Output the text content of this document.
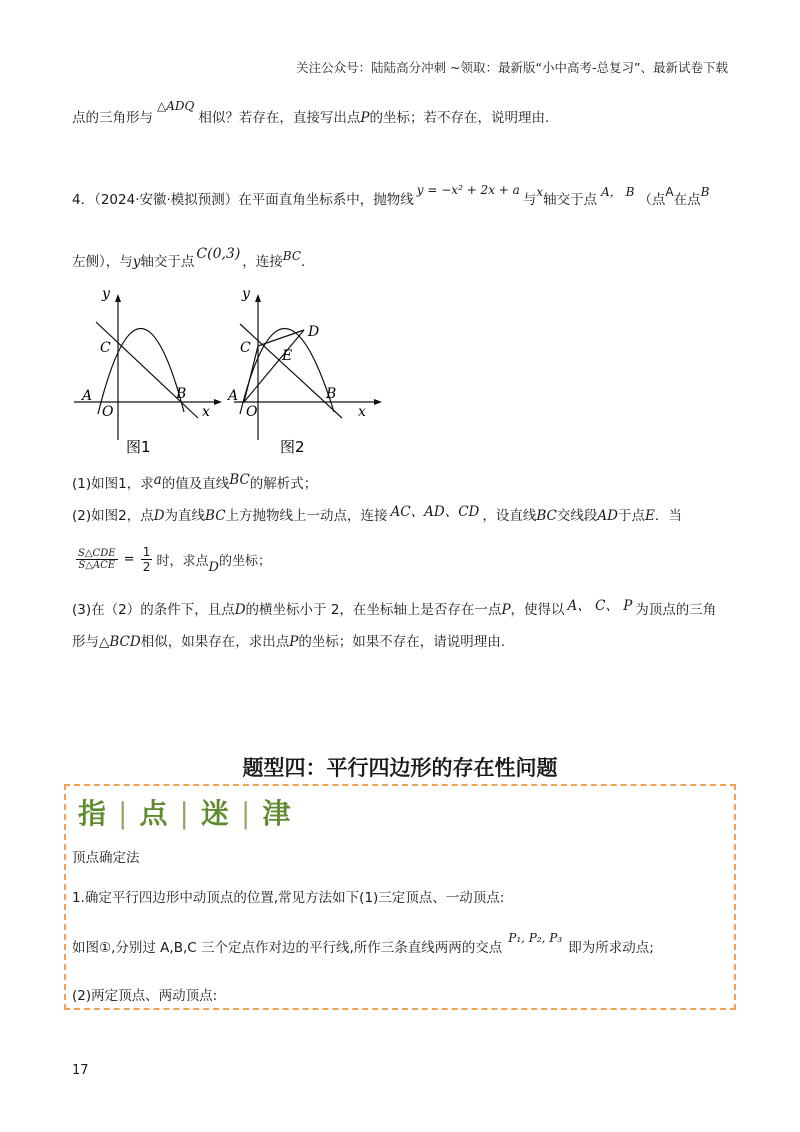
关注公众号：陆陆高分冲刺 ~领取：最新版“小中高考-总复习”、最新试卷下载
点的三角形与△ADQ相似？若存在，直接写出点P的坐标；若不存在，说明理由.
4．（2024·安徽·模拟预测）在平面直角坐标系中，抛物线y = −x² + 2x + a与x轴交于点 A， B （点A在点B
左侧），与y轴交于点 C(0,3) ，连接BC.
y
x
C
A
O
B
图1
y
x
C
A
O
B
D
E
图2
(1)如图1，求a的值及直线BC的解析式；
(2)如图2，点D为直线BC上方抛物线上一动点，连接 AC、AD、CD ，设直线BC交线段AD于点E．当
S△CDE
S△ACE = $\frac{1}{2}$ 时，求点D的坐标；
(3)在（2）的条件下，且点D的横坐标小于 2，在坐标轴上是否存在一点P，使得以 A、 C、 P 为顶点的三角
形与△BCD相似，如果存在，求出点P的坐标；如果不存在，请说明理由.
题型四：平行四边形的存在性问题
指 | 点 | 迷 | 津
顶点确定法
1.确定平行四边形中动顶点的位置,常见方法如下(1)三定顶点、一动顶点:
如图①,分别过 A,B,C 三个定点作对边的平行线,所作三条直线两两的交点P₁, P₂, P₃即为所求动点;
(2)两定顶点、两动顶点:
17
